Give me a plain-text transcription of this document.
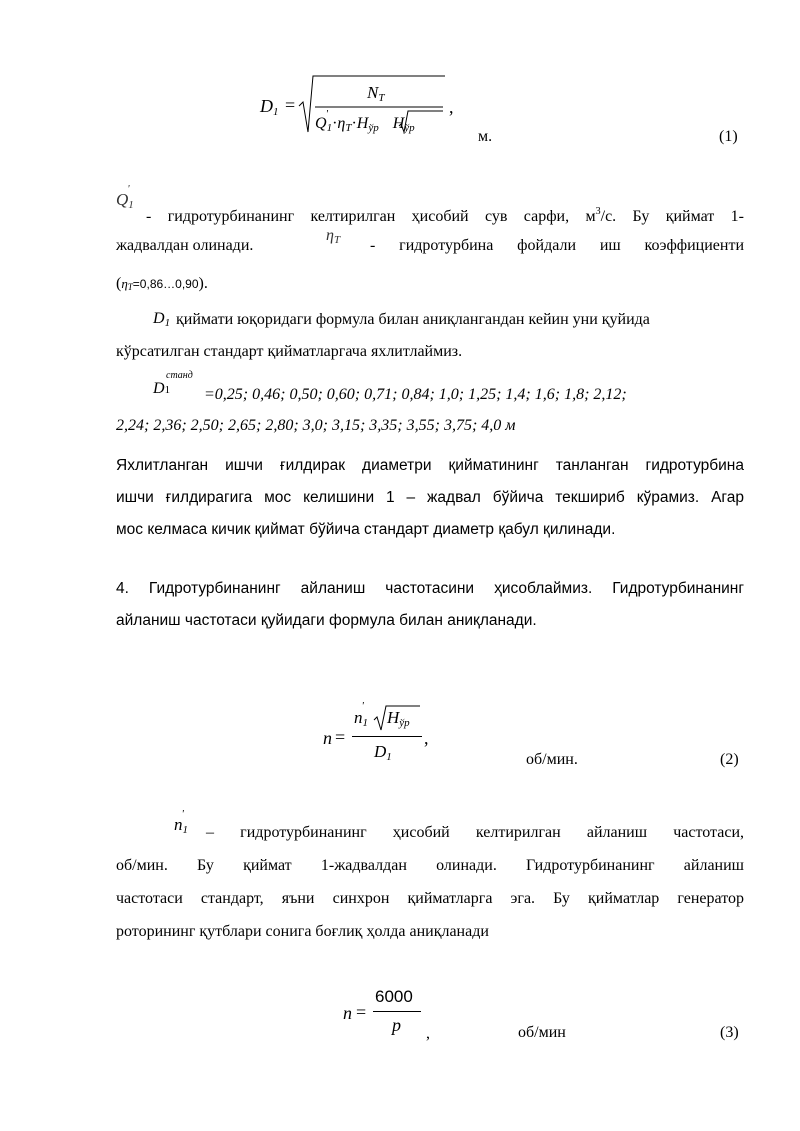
$D_1$ =
$N_T$
$Q_{1 '}$
$\cdot\eta_T\cdot H_{ўр}$ $H_{ўр}$
,
м.	(1)
$Q_{1 '}$
- гидротурбинанинг келтирилган ҳисобий сув сарфи, $м^3/с$. Бу қиймат 1-
жадвалдан олинади.
$\eta_T$ - гидротурбина фойдали иш коэффициенти
(ηT=0,86…0,90).
$D_1$ қиймати юқоридаги формула билан аниқлангандан кейин уни қуйида
кўрсатилган стандарт қийматларгача яхлитлаймиз.
D1
станд
=0,25; 0,46; 0,50; 0,60; 0,71; 0,84; 1,0; 1,25; 1,4; 1,6; 1,8; 2,12;
2,24; 2,36; 2,50; 2,65; 2,80; 3,0; 3,15; 3,35; 3,55; 3,75; 4,0 м
Яхлитланган ишчи ғилдирак диаметри қийматининг танланган гидротурбина
ишчи ғилдирагига мос келишини 1 – жадвал бўйича текшириб кўрамиз. Агар
мос келмаса кичик қиймат бўйича стандарт диаметр қабул қилинади.
4. Гидротурбинанинг айланиш частотасини ҳисоблаймиз. Гидротурбинанинг
айланиш частотаси қуйидаги формула билан аниқланади.
n =
$n_{1 '}$
$H_{ўр}$
$D_1$
,
об/мин.	(2)
$n_{1 '}$
– гидротурбинанинг ҳисобий келтирилган айланиш частотаси,
об/мин. Бу қиймат 1-жадвалдан олинади. Гидротурбинанинг айланиш
частотаси стандарт, яъни синхрон қийматларга эга. Бу қийматлар генератор
роторининг қутблари сонига боғлиқ ҳолда аниқланади
n =
6000
p ,	об/мин	(3)
